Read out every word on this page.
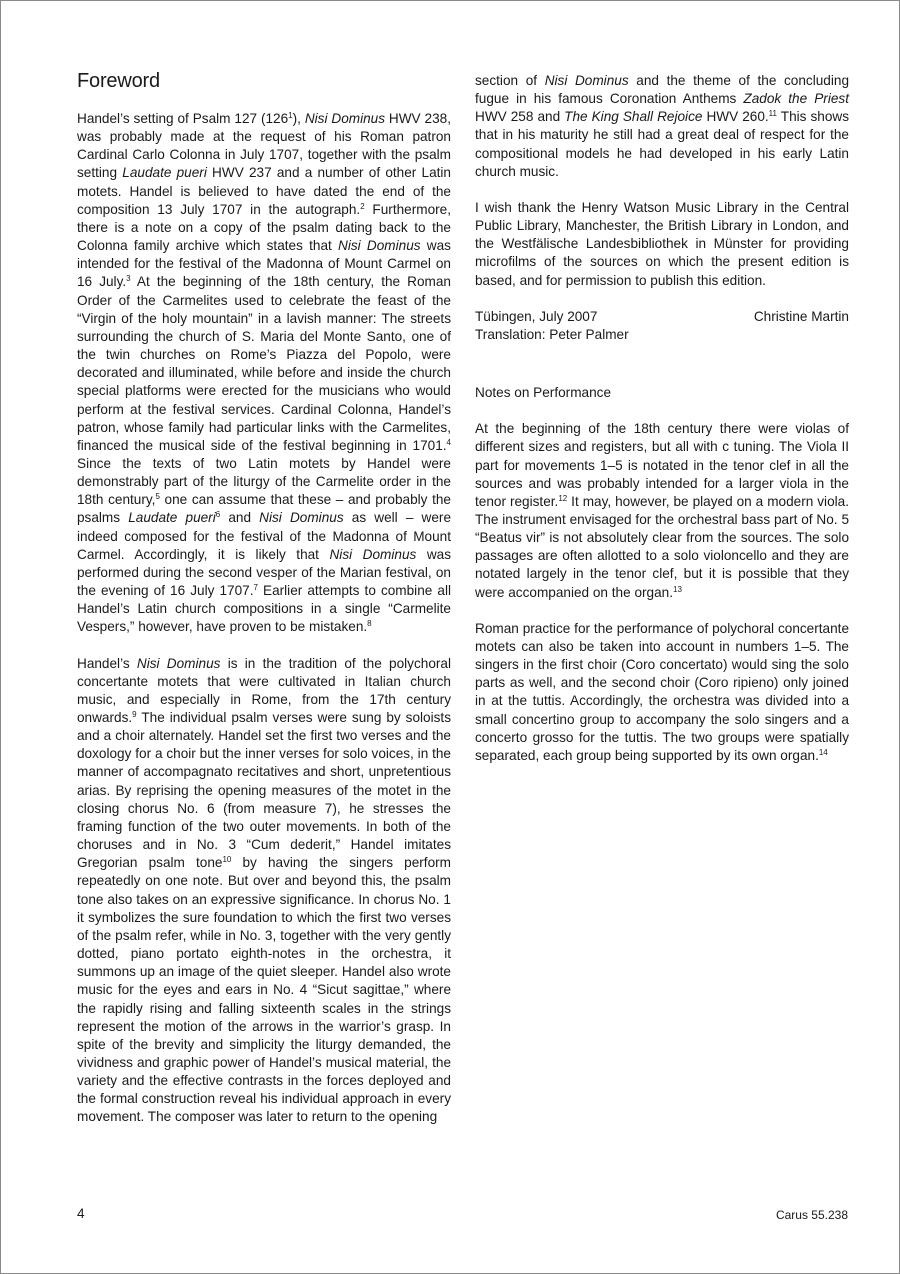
Foreword

Handel’s setting of Psalm 127 $(126^1)$, Nisi Dominus HWV 238, was probably made at the request of his Roman patron Cardinal Carlo Colonna in July 1707, together with the psalm setting Laudate pueri HWV 237 and a number of other Latin motets. Handel is believed to have dated the end of the composition 13 July 1707 in the autograph.$^2$ Furthermore, there is a note on a copy of the psalm dating back to the Colonna family archive which states that Nisi Dominus was intended for the festival of the Madonna of Mount Carmel on 16 July.$^3$ At the beginning of the 18th century, the Roman Order of the Carmelites used to celebrate the feast of the “Virgin of the holy mountain” in a lavish manner: The streets surrounding the church of S. Maria del Monte Santo, one of the twin churches on Rome’s Piazza del Popolo, were decorated and illuminated, while before and inside the church special platforms were erected for the musicians who would perform at the festival services. Cardinal Colonna, Handel’s patron, whose family had particular links with the Carmelites, financed the musical side of the festival beginning in 1701.$^4$ Since the texts of two Latin motets by Handel were demonstrably part of the liturgy of the Carmelite order in the 18th century,$^5$ one can assume that these – and probably the psalms Laudate pueri$^6$ and Nisi Dominus as well – were indeed composed for the festival of the Madonna of Mount Carmel. Accordingly, it is likely that Nisi Dominus was performed during the second vesper of the Marian festival, on the evening of 16 July 1707.$^7$ Earlier attempts to combine all Handel’s Latin church compositions in a single “Carmelite Vespers,” however, have proven to be mistaken.$^8$

Handel’s Nisi Dominus is in the tradition of the polychoral concertante motets that were cultivated in Italian church music, and especially in Rome, from the 17th century onwards.$^9$ The individual psalm verses were sung by soloists and a choir alternately. Handel set the first two verses and the doxology for a choir but the inner verses for solo voices, in the manner of accompagnato recitatives and short, unpretentious arias. By reprising the opening measures of the motet in the closing chorus No. 6 (from measure 7), he stresses the framing function of the two outer movements. In both of the choruses and in No. 3 “Cum dederit,” Handel imitates Gregorian psalm tone$^{10}$ by having the singers perform repeatedly on one note. But over and beyond this, the psalm tone also takes on an expressive significance. In chorus No. 1 it symbolizes the sure foundation to which the first two verses of the psalm refer, while in No. 3, together with the very gently dotted, piano portato eighth-notes in the orchestra, it summons up an image of the quiet sleeper. Handel also wrote music for the eyes and ears in No. 4 “Sicut sagittae,” where the rapidly rising and falling sixteenth scales in the strings represent the motion of the arrows in the warrior’s grasp. In spite of the brevity and simplicity the liturgy demanded, the vividness and graphic power of Handel’s musical material, the variety and the effective contrasts in the forces deployed and the formal construction reveal his individual approach in every movement. The composer was later to return to the opening

section of Nisi Dominus and the theme of the concluding fugue in his famous Coronation Anthems Zadok the Priest HWV 258 and The King Shall Rejoice HWV 260.11 This shows that in his maturity he still had a great deal of respect for the compositional models he had developed in his early Latin church music.

I wish thank the Henry Watson Music Library in the Central Public Library, Manchester, the British Library in London, and the Westfälische Landesbibliothek in Münster for providing microfilms of the sources on which the present edition is based, and for permission to publish this edition.

Tübingen, July 2007	Christine Martin
Translation: Peter Palmer
Notes on Performance

At the beginning of the 18th century there were violas of different sizes and registers, but all with c tuning. The Viola II part for movements 1–5 is notated in the tenor clef in all the sources and was probably intended for a larger viola in the tenor register.$^{12}$ It may, however, be played on a modern viola. The instrument envisaged for the orchestral bass part of No. 5 “Beatus vir” is not absolutely clear from the sources. The solo passages are often allotted to a solo violoncello and they are notated largely in the tenor clef, but it is possible that they were accompanied on the organ.$^{13}$

Roman practice for the performance of polychoral concertante motets can also be taken into account in numbers 1–5. The singers in the first choir (Coro concertato) would sing the solo parts as well, and the second choir (Coro ripieno) only joined in at the tuttis. Accordingly, the orchestra was divided into a small concertino group to accompany the solo singers and a concerto grosso for the tuttis. The two groups were spatially separated, each group being supported by its own organ.$^{14}$

4	Carus 55.238
